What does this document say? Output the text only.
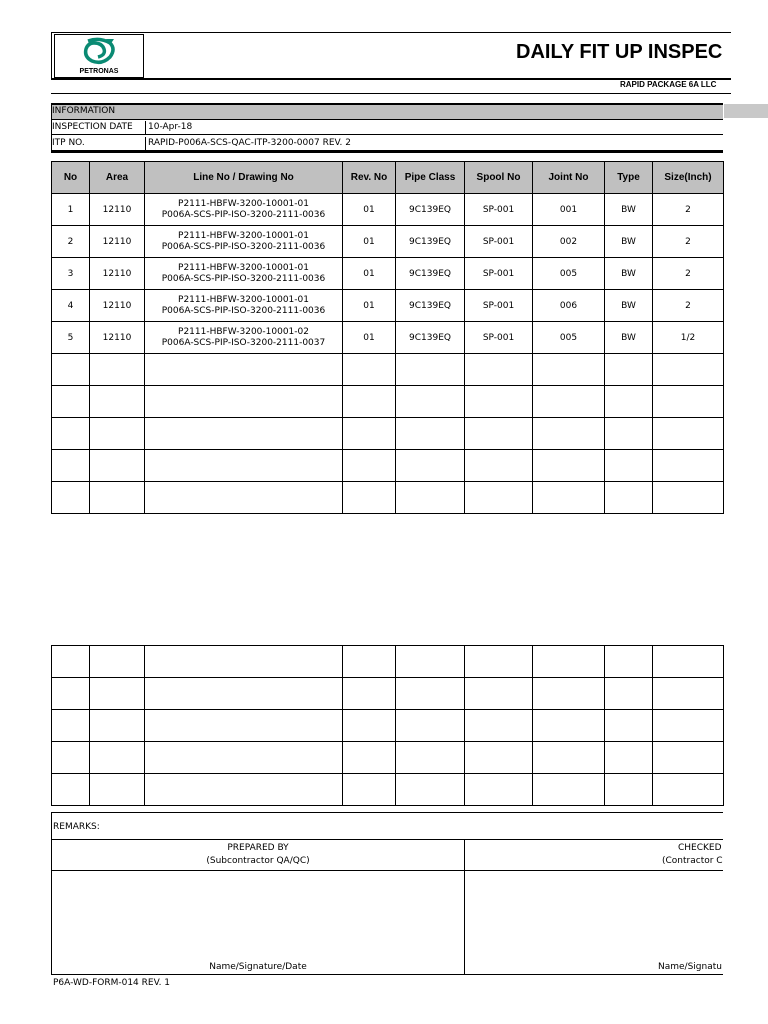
PETRONAS
DAILY FIT UP INSPEC
RAPID PACKAGE 6A LLC
INFORMATION
INSPECTION DATE	10-Apr-18
ITP NO.	RAPID-P006A-SCS-QAC-ITP-3200-0007 REV. 2
No	Area	Line No / Drawing No	Rev. No	Pipe Class	Spool No	Joint No	Type	Size(Inch)
1	12110	P2111-HBFW-3200-10001-01
P006A-SCS-PIP-ISO-3200-2111-0036	01	9C139EQ	SP-001	001	BW	2
2	12110	P2111-HBFW-3200-10001-01
P006A-SCS-PIP-ISO-3200-2111-0036	01	9C139EQ	SP-001	002	BW	2
3	12110	P2111-HBFW-3200-10001-01
P006A-SCS-PIP-ISO-3200-2111-0036	01	9C139EQ	SP-001	005	BW	2
4	12110	P2111-HBFW-3200-10001-01
P006A-SCS-PIP-ISO-3200-2111-0036	01	9C139EQ	SP-001	006	BW	2
5	12110	P2111-HBFW-3200-10001-02
P006A-SCS-PIP-ISO-3200-2111-0037	01	9C139EQ	SP-001	005	BW	1/2

REMARKS:
PREPARED BY
(Subcontractor QA/QC)
Name/Signature/Date
CHECKED
(Contractor C
Name/Signatu
P6A-WD-FORM-014 REV. 1
